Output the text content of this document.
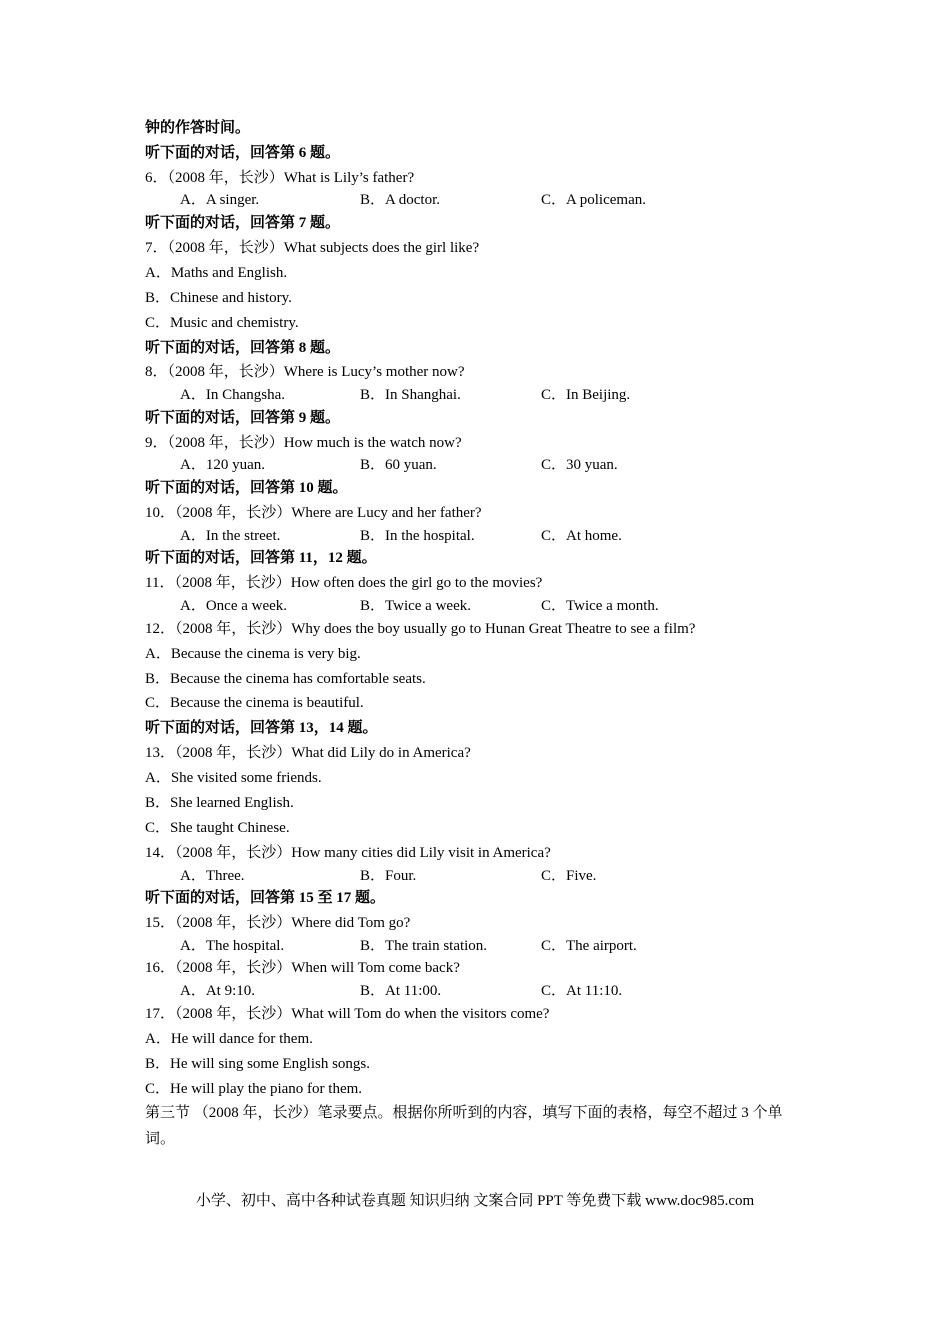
钟的作答时间。
听下面的对话，回答第 6 题。
6．（2008 年，长沙）What is Lily’s father?
A．A singer.	B．A doctor.	C．A policeman.
听下面的对话，回答第 7 题。
7．（2008 年，长沙）What subjects does the girl like?
A．Maths and English.
B．Chinese and history.
C．Music and chemistry.
听下面的对话，回答第 8 题。
8．（2008 年，长沙）Where is Lucy’s mother now?
A．In Changsha.	B．In Shanghai.	C．In Beijing.
听下面的对话，回答第 9 题。
9．（2008 年，长沙）How much is the watch now?
A．120 yuan.	B．60 yuan.	C．30 yuan.
听下面的对话，回答第 10 题。
10．（2008 年，长沙）Where are Lucy and her father?
A．In the street.	B．In the hospital.	C．At home.
听下面的对话，回答第 11，12 题。
11．（2008 年，长沙）How often does the girl go to the movies?
A．Once a week.	B．Twice a week.	C．Twice a month.
12．（2008 年，长沙）Why does the boy usually go to Hunan Great Theatre to see a film?
A．Because the cinema is very big.
B．Because the cinema has comfortable seats.
C．Because the cinema is beautiful.
听下面的对话，回答第 13，14 题。
13．（2008 年，长沙）What did Lily do in America?
A．She visited some friends.
B．She learned English.
C．She taught Chinese.
14．（2008 年，长沙）How many cities did Lily visit in America?
A．Three.	B．Four.	C．Five.
听下面的对话，回答第 15 至 17 题。
15．（2008 年，长沙）Where did Tom go?
A．The hospital.	B．The train station.	C．The airport.
16．（2008 年，长沙）When will Tom come back?
A．At 9:10.	B．At 11:00.	C．At 11:10.
17．（2008 年，长沙）What will Tom do when the visitors come?
A．He will dance for them.
B．He will sing some English songs.
C．He will play the piano for them.
第三节 （2008 年，长沙）笔录要点。根据你所听到的内容，填写下面的表格，每空不超过 3 个单词。
小学、初中、高中各种试卷真题 知识归纳 文案合同 PPT 等免费下载 www.doc985.com
